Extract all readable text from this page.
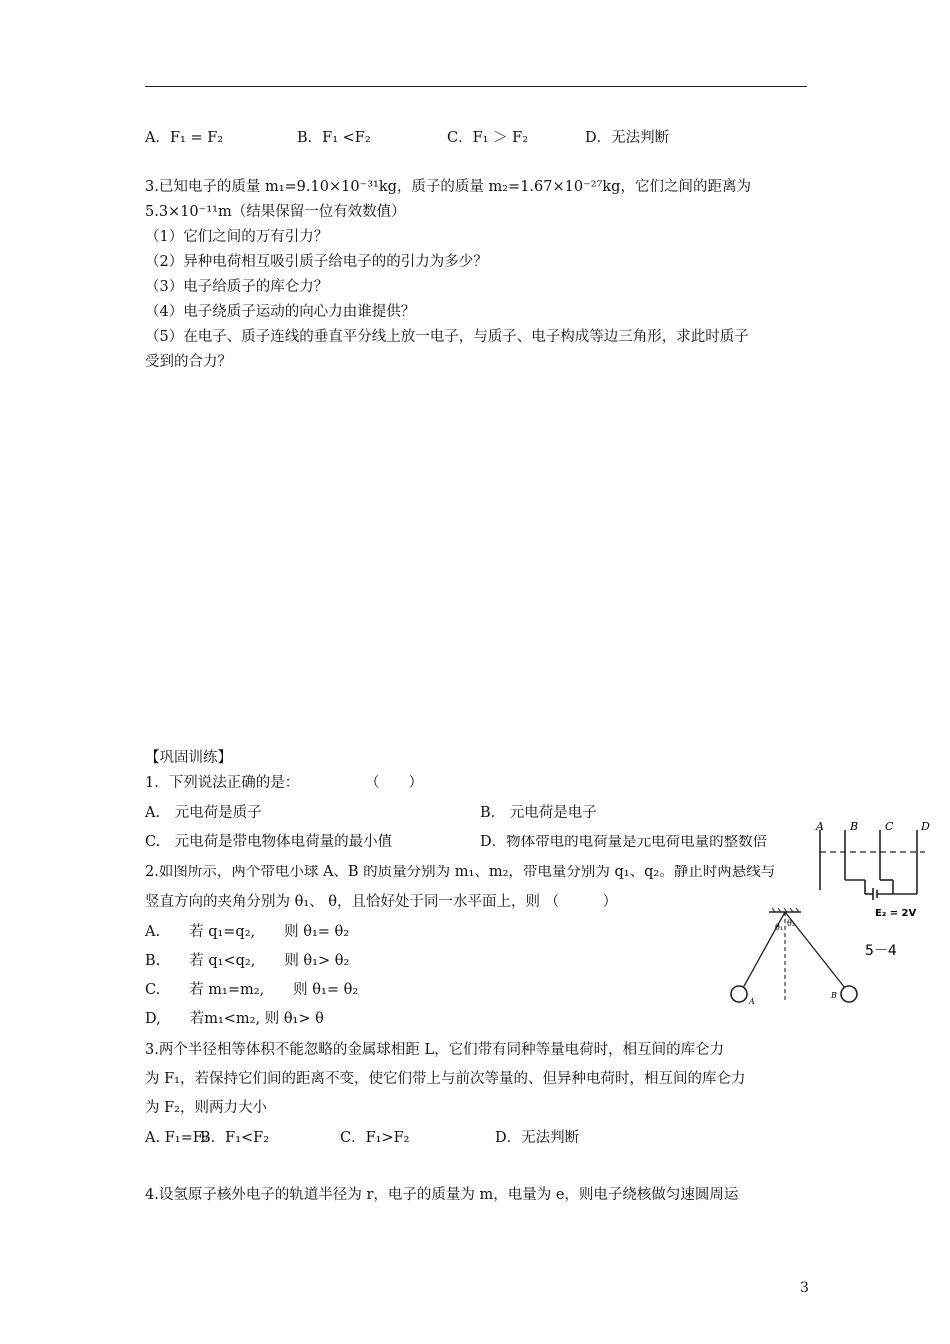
A．F₁ = F₂	B．F₁ <F₂	C．F₁ ＞ F₂	D．无法判断
3.已知电子的质量 m₁=9.10×10⁻³¹kg，质子的质量 m₂=1.67×10⁻²⁷kg，它们之间的距离为
5.3×10⁻¹¹m（结果保留一位有效数值）
（1）它们之间的万有引力？
（2）异种电荷相互吸引质子给电子的的引力为多少？
（3）电子给质子的库仑力？
（4）电子绕质子运动的向心力由谁提供？
（5）在电子、质子连线的垂直平分线上放一电子，与质子、电子构成等边三角形，求此时质子
受到的合力？
【巩固训练】
1．下列说法正确的是：	（　　）
A.　元电荷是质子	B.　元电荷是电子
C.　元电荷是带电物体电荷量的最小值	D．物体带电的电荷量是元电荷电量的整数倍
2.如图所示，两个带电小球 A、B 的质量分别为 m₁、m₂，带电量分别为 q₁、q₂。静止时两悬线与
竖直方向的夹角分别为 θ₁、 θ，且恰好处于同一水平面上，则 （　　　）
A.　　若 q₁=q₂,　　则 θ₁= θ₂
B.　　若 q₁<q₂,　　则 θ₁> θ₂
C.　　若 m₁=m₂,　　则 θ₁= θ₂
D,　　若m₁<m₂, 则 θ₁> θ
3.两个半径相等体积不能忽略的金属球相距 L，它们带有同种等量电荷时，相互间的库仑力
为 F₁，若保持它们间的距离不变，使它们带上与前次等量的、但异种电荷时，相互间的库仑力
为 F₂，则两力大小
A. F₁=F₂
B．F₁<F₂	C．F₁>F₂	D．无法判断
4.设氢原子核外电子的轨道半径为 r，电子的质量为 m，电量为 e，则电子绕核做匀速圆周运
A B C	D
E₂ = 2V
5－4
θ₁ θ₂
A
B
3
